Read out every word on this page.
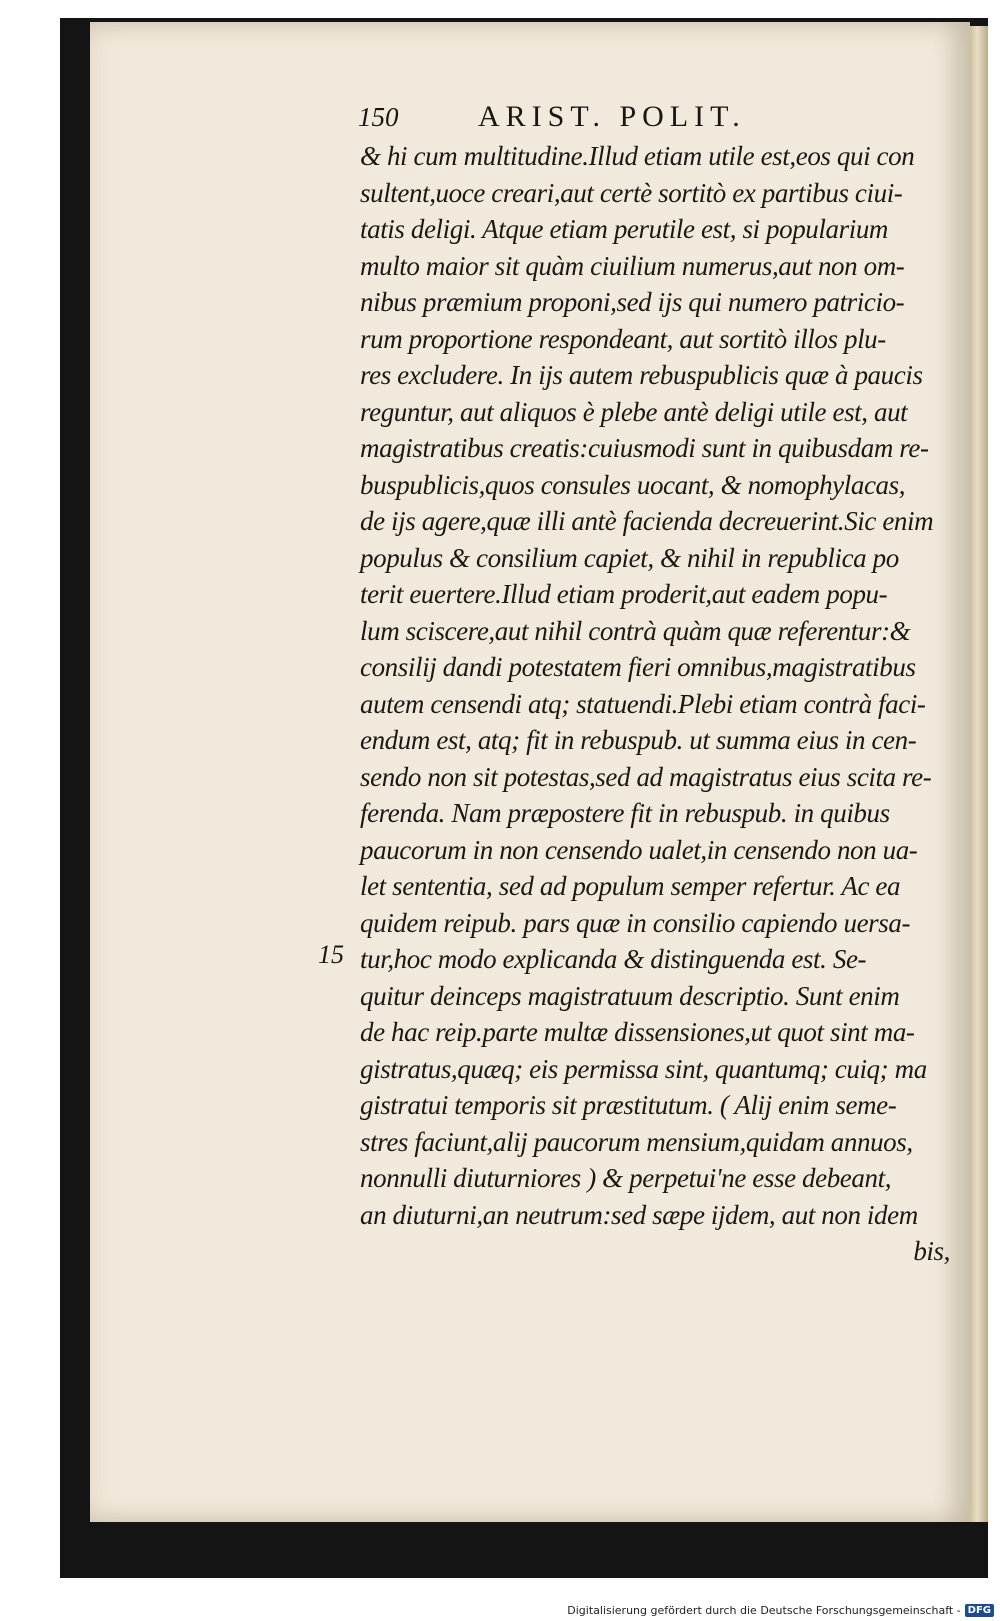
150	ARIST. POLIT.
15
& hi cum multitudine.Illud etiam utile est,eos qui con
sultent,uoce creari,aut certè sortitò ex partibus ciui-
tatis deligi. Atque etiam perutile est, si popularium
multo maior sit quàm ciuilium numerus,aut non om-
nibus præmium proponi,sed ijs qui numero patricio-
rum proportione respondeant, aut sortitò illos plu-
res excludere. In ijs autem rebuspublicis quæ à paucis
reguntur, aut aliquos è plebe antè deligi utile est, aut
magistratibus creatis:cuiusmodi sunt in quibusdam re-
buspublicis,quos consules uocant, & nomophylacas,
de ijs agere,quæ illi antè facienda decreuerint.Sic enim
populus & consilium capiet, & nihil in republica po
terit euertere.Illud etiam proderit,aut eadem popu-
lum sciscere,aut nihil contrà quàm quæ referentur:&
consilij dandi potestatem fieri omnibus,magistratibus
autem censendi atq; statuendi.Plebi etiam contrà faci-
endum est, atq; fit in rebuspub. ut summa eius in cen-
sendo non sit potestas,sed ad magistratus eius scita re-
ferenda. Nam præpostere fit in rebuspub. in quibus
paucorum in non censendo ualet,in censendo non ua-
let sententia, sed ad populum semper refertur. Ac ea
quidem reipub. pars quæ in consilio capiendo uersa-
tur,hoc modo explicanda & distinguenda est. Se-
quitur deinceps magistratuum descriptio. Sunt enim
de hac reip.parte multæ dissensiones,ut quot sint ma-
gistratus,quæq; eis permissa sint, quantumq; cuiq; ma
gistratui temporis sit præstitutum. ( Alij enim seme-
stres faciunt,alij paucorum mensium,quidam annuos,
nonnulli diuturniores ) & perpetui'ne esse debeant,
an diuturni,an neutrum:sed sæpe ijdem, aut non idem
bis,
Digitalisierung gefördert durch die Deutsche Forschungsgemeinschaft - DFG
